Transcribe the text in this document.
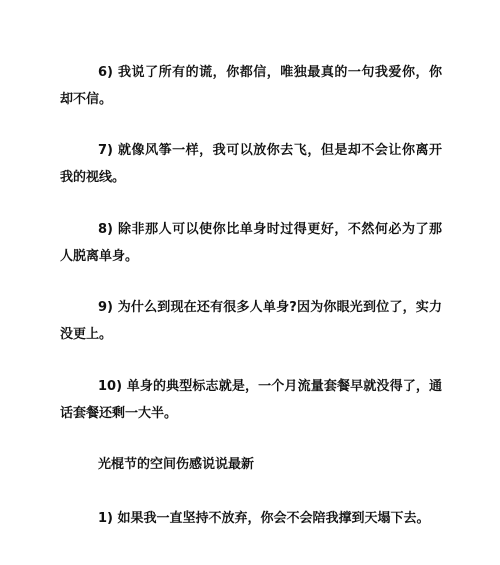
6) 我说了所有的谎，你都信，唯独最真的一句我爱你，你却不信。

7) 就像风筝一样，我可以放你去飞，但是却不会让你离开我的视线。

8) 除非那人可以使你比单身时过得更好，不然何必为了那人脱离单身。

9) 为什么到现在还有很多人单身?因为你眼光到位了，实力没更上。

10) 单身的典型标志就是，一个月流量套餐早就没得了，通话套餐还剩一大半。

光棍节的空间伤感说说最新

1) 如果我一直坚持不放弃，你会不会陪我撑到天塌下去。
